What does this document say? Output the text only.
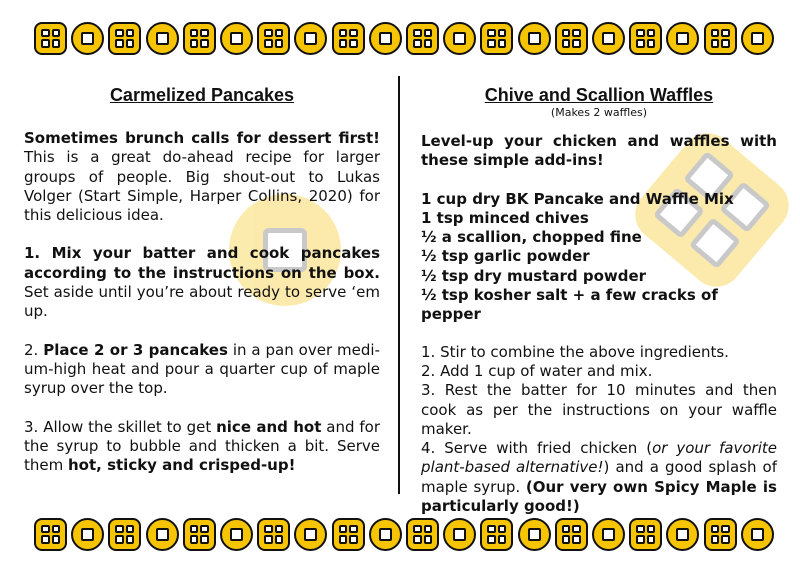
Carmelized Pancakes

Sometimes brunch calls for dessert first! This is a great do-ahead recipe for larger groups of people. Big shout-out to Lukas Volger (Start Simple, Harper Collins, 2020) for this delicious idea.

1. Mix your batter and cook pancakes according to the instructions on the box. Set aside until you’re about ready to serve ‘em up.

2. Place 2 or 3 pancakes in a pan over medi-um-high heat and pour a quarter cup of maple syrup over the top.

3. Allow the skillet to get nice and hot and for the syrup to bubble and thicken a bit. Serve them hot, sticky and crisped-up!

Chive and Scallion Waffles

(Makes 2 waffles)

Level-up your chicken and waffles with these simple add-ins!

1 cup dry BK Pancake and Waffle Mix
1 tsp minced chives
½ a scallion, chopped fine
½ tsp garlic powder
½ tsp dry mustard powder
½ tsp kosher salt + a few cracks of pepper

1. Stir to combine the above ingredients.

2. Add 1 cup of water and mix.

3. Rest the batter for 10 minutes and then cook as per the instructions on your waffle maker.

4. Serve with fried chicken (or your favorite plant-based alternative!) and a good splash of maple syrup. (Our very own Spicy Maple is particularly good!)
